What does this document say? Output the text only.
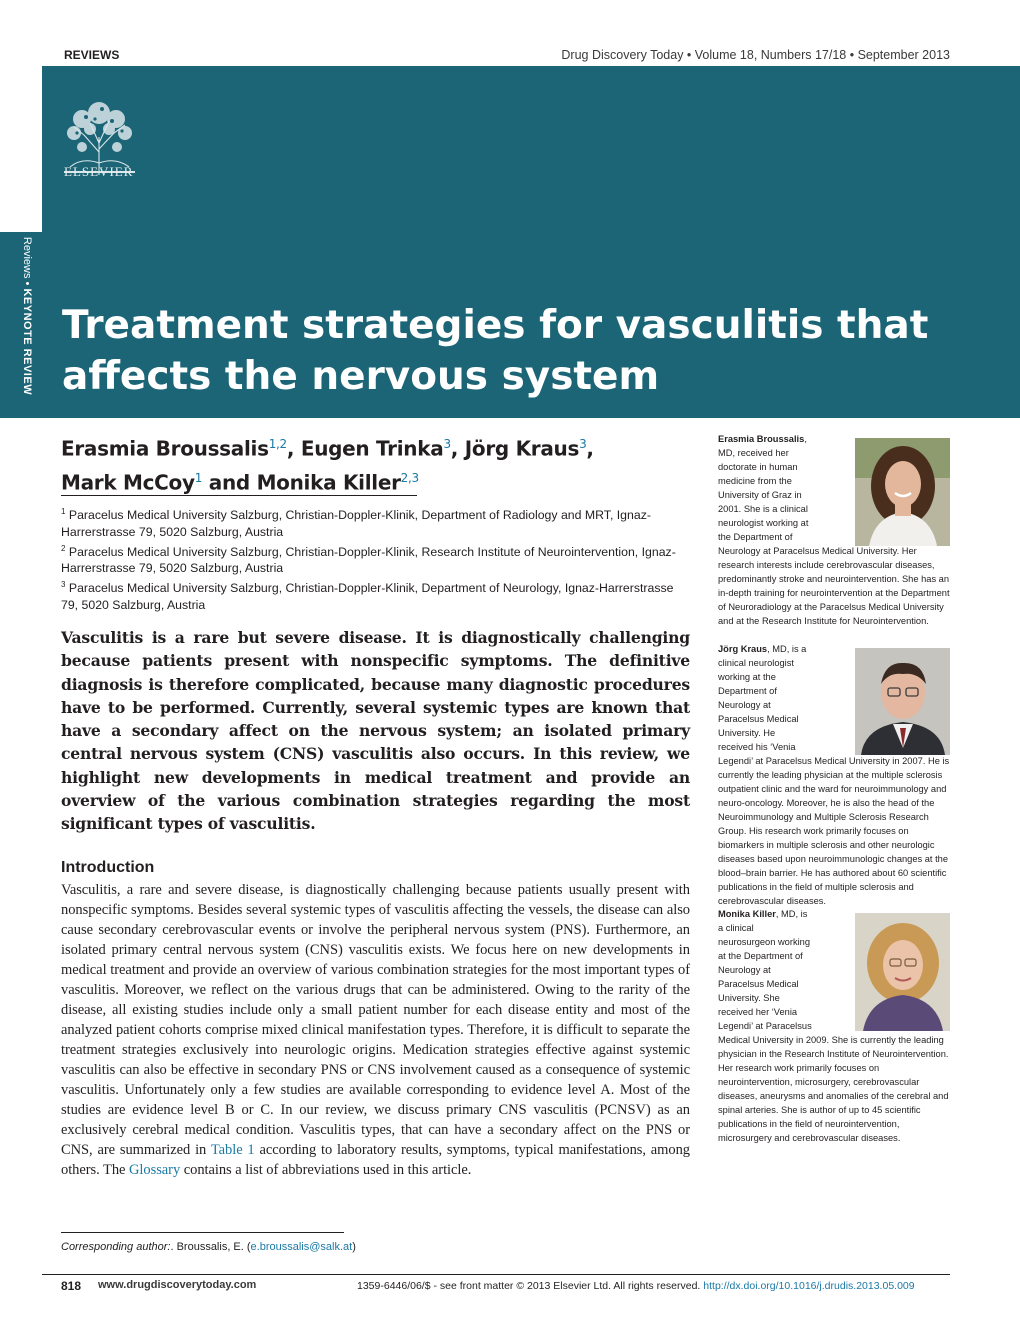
REVIEWS	Drug Discovery Today • Volume 18, Numbers 17/18 • September 2013
Reviews • KEYNOTE REVIEW
ELSEVIER
Treatment strategies for vasculitis that affects the nervous system
Erasmia Broussalis$^{1,2}$, Eugen Trinka$^3$, Jörg Kraus$^3$,
Mark McCoy$^1$ and Monika Killer$^{2,3}$
$^1$ Paracelus Medical University Salzburg, Christian-Doppler-Klinik, Department of Radiology and MRT, Ignaz-Harrerstrasse 79, 5020 Salzburg, Austria
$^2$ Paracelus Medical University Salzburg, Christian-Doppler-Klinik, Research Institute of Neurointervention, Ignaz-Harrerstrasse 79, 5020 Salzburg, Austria
$^3$ Paracelus Medical University Salzburg, Christian-Doppler-Klinik, Department of Neurology, Ignaz-Harrerstrasse 79, 5020 Salzburg, Austria

Vasculitis is a rare but severe disease. It is diagnostically challenging because patients present with nonspecific symptoms. The definitive diagnosis is therefore complicated, because many diagnostic procedures have to be performed. Currently, several systemic types are known that have a secondary affect on the nervous system; an isolated primary central nervous system (CNS) vasculitis also occurs. In this review, we highlight new developments in medical treatment and provide an overview of the various combination strategies regarding the most significant types of vasculitis.

Introduction

Vasculitis, a rare and severe disease, is diagnostically challenging because patients usually present with nonspecific symptoms. Besides several systemic types of vasculitis affecting the vessels, the disease can also cause secondary cerebrovascular events or involve the peripheral nervous system (PNS). Furthermore, an isolated primary central nervous system (CNS) vasculitis exists. We focus here on new developments in medical treatment and provide an overview of various combination strategies for the most important types of vasculitis. Moreover, we reflect on the various drugs that can be administered. Owing to the rarity of the disease, all existing studies include only a small patient number for each disease entity and most of the analyzed patient cohorts comprise mixed clinical manifestation types. Therefore, it is difficult to separate the treatment strategies exclusively into neurologic origins. Medication strategies effective against systemic vasculitis can also be effective in secondary PNS or CNS involvement caused as a consequence of systemic vasculitis. Unfortunately only a few studies are available corresponding to evidence level A. Most of the studies are evidence level B or C. In our review, we discuss primary CNS vasculitis (PCNSV) as an exclusively cerebral medical condition. Vasculitis types, that can have a secondary affect on the PNS or CNS, are summarized in Table 1 according to laboratory results, symptoms, typical manifestations, among others. The Glossary contains a list of abbreviations used in this article.

Corresponding author:. Broussalis, E. (e.broussalis@salk.at)
818 www.drugdiscoverytoday.com	1359-6446/06/$ - see front matter © 2013 Elsevier Ltd. All rights reserved. http://dx.doi.org/10.1016/j.drudis.2013.05.009
Erasmia Broussalis, MD, received her doctorate in human medicine from the University of Graz in 2001. She is a clinical neurologist working at the Department of Neurology at Paracelsus Medical University. Her research interests include cerebrovascular diseases, predominantly stroke and neurointervention. She has an in-depth training for neurointervention at the Department of Neuroradiology at the Paracelsus Medical University and at the Research Institute for Neurointervention.
Jörg Kraus, MD, is a clinical neurologist working at the Department of Neurology at Paracelsus Medical University. He received his ‘Venia Legendi’ at Paracelsus Medical University in 2007. He is currently the leading physician at the multiple sclerosis outpatient clinic and the ward for neuroimmunology and neuro-oncology. Moreover, he is also the head of the Neuroimmunology and Multiple Sclerosis Research Group. His research work primarily focuses on biomarkers in multiple sclerosis and other neurologic diseases based upon neuroimmunologic changes at the blood–brain barrier. He has authored about 60 scientific publications in the field of multiple sclerosis and cerebrovascular diseases.
Monika Killer, MD, is a clinical neurosurgeon working at the Department of Neurology at Paracelsus Medical University. She received her ‘Venia Legendi’ at Paracelsus Medical University in 2009. She is currently the leading physician in the Research Institute of Neurointervention. Her research work primarily focuses on neurointervention, microsurgery, cerebrovascular diseases, aneurysms and anomalies of the cerebral and spinal arteries. She is author of up to 45 scientific publications in the field of neurointervention, microsurgery and cerebrovascular diseases.
